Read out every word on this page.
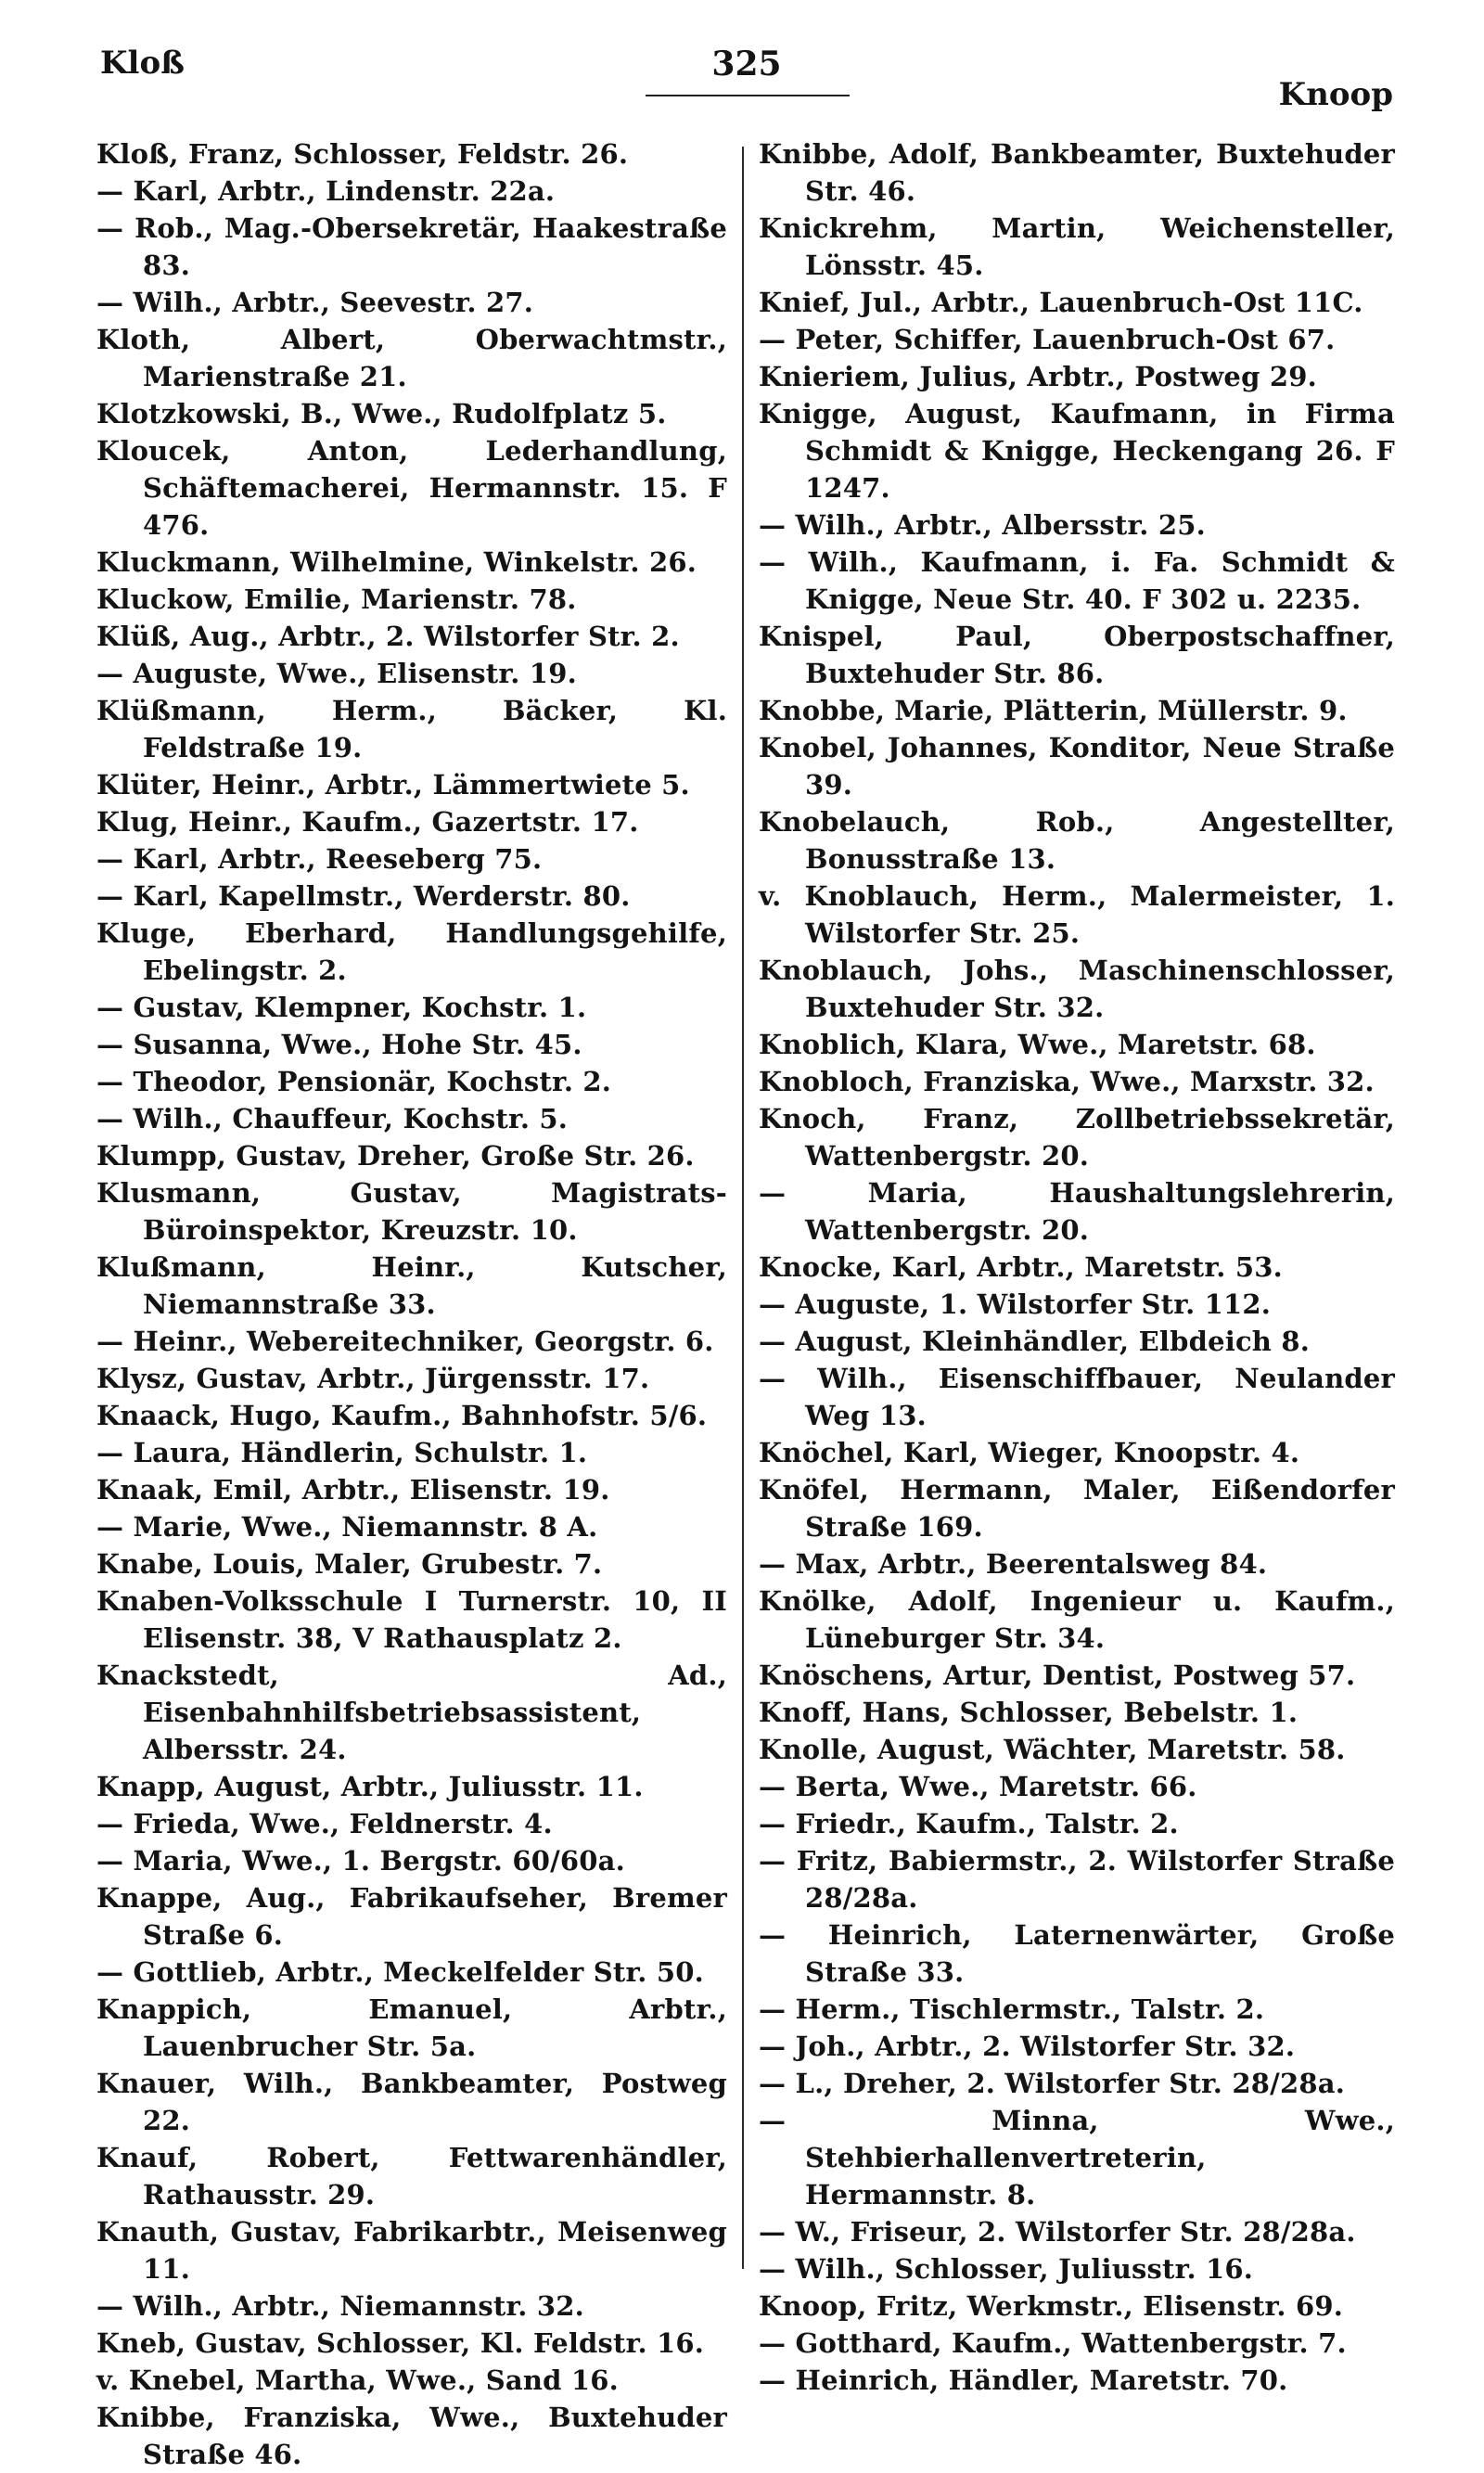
Kloß	325
Knoop

Kloß, Franz, Schlosser, Feldstr. 26.

— Karl, Arbtr., Lindenstr. 22a.

— Rob., Mag.-Obersekretär, Haakestraße 83.

— Wilh., Arbtr., Seevestr. 27.

Kloth, Albert, Oberwachtmstr., Marienstraße 21.

Klotzkowski, B., Wwe., Rudolfplatz 5.

Kloucek, Anton, Lederhandlung, Schäftemacherei, Hermannstr. 15. F 476.

Kluckmann, Wilhelmine, Winkelstr. 26.

Kluckow, Emilie, Marienstr. 78.

Klüß, Aug., Arbtr., 2. Wilstorfer Str. 2.

— Auguste, Wwe., Elisenstr. 19.

Klüßmann, Herm., Bäcker, Kl. Feldstraße 19.

Klüter, Heinr., Arbtr., Lämmertwiete 5.

Klug, Heinr., Kaufm., Gazertstr. 17.

— Karl, Arbtr., Reeseberg 75.

— Karl, Kapellmstr., Werderstr. 80.

Kluge, Eberhard, Handlungsgehilfe, Ebelingstr. 2.

— Gustav, Klempner, Kochstr. 1.

— Susanna, Wwe., Hohe Str. 45.

— Theodor, Pensionär, Kochstr. 2.

— Wilh., Chauffeur, Kochstr. 5.

Klumpp, Gustav, Dreher, Große Str. 26.

Klusmann, Gustav, Magistrats-Büroinspektor, Kreuzstr. 10.

Klußmann, Heinr., Kutscher, Niemannstraße 33.

— Heinr., Webereitechniker, Georgstr. 6.

Klysz, Gustav, Arbtr., Jürgensstr. 17.

Knaack, Hugo, Kaufm., Bahnhofstr. 5/6.

— Laura, Händlerin, Schulstr. 1.

Knaak, Emil, Arbtr., Elisenstr. 19.

— Marie, Wwe., Niemannstr. 8 A.

Knabe, Louis, Maler, Grubestr. 7.

Knaben-Volksschule I Turnerstr. 10, II Elisenstr. 38, V Rathausplatz 2.

Knackstedt, Ad., Eisenbahnhilfsbetriebsassistent, Albersstr. 24.

Knapp, August, Arbtr., Juliusstr. 11.

— Frieda, Wwe., Feldnerstr. 4.

— Maria, Wwe., 1. Bergstr. 60/60a.

Knappe, Aug., Fabrikaufseher, Bremer Straße 6.

— Gottlieb, Arbtr., Meckelfelder Str. 50.

Knappich, Emanuel, Arbtr., Lauenbrucher Str. 5a.

Knauer, Wilh., Bankbeamter, Postweg 22.

Knauf, Robert, Fettwarenhändler, Rathausstr. 29.

Knauth, Gustav, Fabrikarbtr., Meisenweg 11.

— Wilh., Arbtr., Niemannstr. 32.

Kneb, Gustav, Schlosser, Kl. Feldstr. 16.

v. Knebel, Martha, Wwe., Sand 16.

Knibbe, Franziska, Wwe., Buxtehuder Straße 46.

Knibbe, Adolf, Bankbeamter, Buxtehuder Str. 46.

Knickrehm, Martin, Weichensteller, Lönsstr. 45.

Knief, Jul., Arbtr., Lauenbruch-Ost 11C.

— Peter, Schiffer, Lauenbruch-Ost 67.

Knieriem, Julius, Arbtr., Postweg 29.

Knigge, August, Kaufmann, in Firma Schmidt & Knigge, Heckengang 26. F 1247.

— Wilh., Arbtr., Albersstr. 25.

— Wilh., Kaufmann, i. Fa. Schmidt & Knigge, Neue Str. 40. F 302 u. 2235.

Knispel, Paul, Oberpostschaffner, Buxtehuder Str. 86.

Knobbe, Marie, Plätterin, Müllerstr. 9.

Knobel, Johannes, Konditor, Neue Straße 39.

Knobelauch, Rob., Angestellter, Bonusstraße 13.

v. Knoblauch, Herm., Malermeister, 1. Wilstorfer Str. 25.

Knoblauch, Johs., Maschinenschlosser, Buxtehuder Str. 32.

Knoblich, Klara, Wwe., Maretstr. 68.

Knobloch, Franziska, Wwe., Marxstr. 32.

Knoch, Franz, Zollbetriebssekretär, Wattenbergstr. 20.

— Maria, Haushaltungslehrerin, Wattenbergstr. 20.

Knocke, Karl, Arbtr., Maretstr. 53.

— Auguste, 1. Wilstorfer Str. 112.

— August, Kleinhändler, Elbdeich 8.

— Wilh., Eisenschiffbauer, Neulander Weg 13.

Knöchel, Karl, Wieger, Knoopstr. 4.

Knöfel, Hermann, Maler, Eißendorfer Straße 169.

— Max, Arbtr., Beerentalsweg 84.

Knölke, Adolf, Ingenieur u. Kaufm., Lüneburger Str. 34.

Knöschens, Artur, Dentist, Postweg 57.

Knoff, Hans, Schlosser, Bebelstr. 1.

Knolle, August, Wächter, Maretstr. 58.

— Berta, Wwe., Maretstr. 66.

— Friedr., Kaufm., Talstr. 2.

— Fritz, Babiermstr., 2. Wilstorfer Straße 28/28a.

— Heinrich, Laternenwärter, Große Straße 33.

— Herm., Tischlermstr., Talstr. 2.

— Joh., Arbtr., 2. Wilstorfer Str. 32.

— L., Dreher, 2. Wilstorfer Str. 28/28a.

— Minna, Wwe., Stehbierhallenvertreterin, Hermannstr. 8.

— W., Friseur, 2. Wilstorfer Str. 28/28a.

— Wilh., Schlosser, Juliusstr. 16.

Knoop, Fritz, Werkmstr., Elisenstr. 69.

— Gotthard, Kaufm., Wattenbergstr. 7.

— Heinrich, Händler, Maretstr. 70.
